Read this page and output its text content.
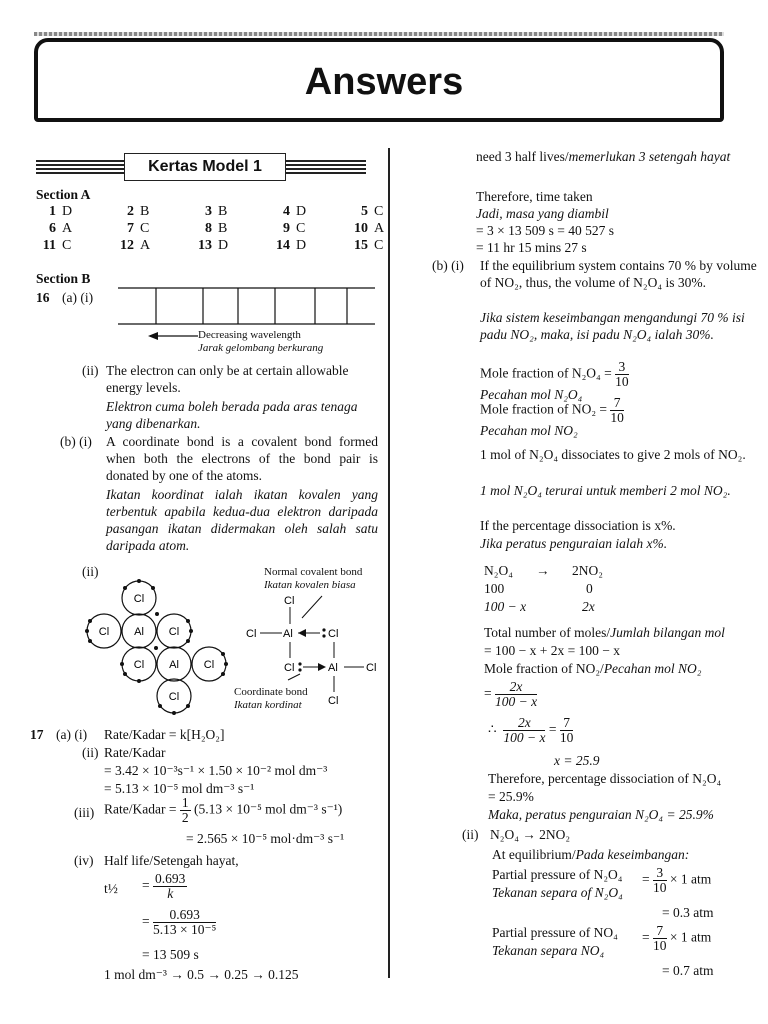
Answers
Kertas Model 1
Section A
1	D	2	B	3	B	4	D	5	C
6	A	7	C	8	B	9	C	10	A
11	C	12	A	13	D	14	D	15	C
Section B
16 (a) (i)
Decreasing wavelength
Jarak gelombang berkurang
(ii) The electron can only be at certain allowable energy levels.
Elektron cuma boleh berada pada aras tenaga yang dibenarkan.
(b) (i) A coordinate bond is a covalent bond formed when both the electrons of the bond pair is donated by one of the atoms.
Ikatan koordinat ialah ikatan kovalen yang terbentuk apabila kedua-dua elektron daripada pasangan ikatan didermakan oleh salah satu daripada atom.
(ii)
Cl
Cl Al Cl
Cl Al Cl
Cl
Normal covalent bond
Ikatan kovalen biasa
Cl
Cl Al	Cl
Cl	Al	Cl
Cl
Coordinate bond
Ikatan kordinat
17 (a) (i) Rate/Kadar = k[H₂O₂]
(ii) Rate/Kadar
= 3.42 × 10⁻³s⁻¹ × 1.50 × 10⁻² mol dm⁻³
= 5.13 × 10⁻⁵ mol dm⁻³ s⁻¹
(iii) Rate/Kadar = $\frac{1}{2} (5.13 \times 10^{-5}$ mol dm⁻³ s⁻¹)
= 2.565 × 10⁻⁵ mol·dm⁻³ s⁻¹
(iv) Half life/Setengah hayat,
t½ = $\frac{0.693}{k}$
= $\frac{0.693}{\text{5.13 × 10⁻⁵}}$
= 13 509 s
1 mol dm⁻³ → 0.5 → 0.25 → 0.125
need 3 half lives/memerlukan 3 setengah hayat
Therefore, time taken
Jadi, masa yang diambil
= 3 × 13 509 s = 40 527 s
= 11 hr 15 mins 27 s
(b) (i) If the equilibrium system contains 70 % by volume of NO₂, thus, the volume of N₂O₄ is 30%.
Jika sistem keseimbangan mengandungi 70 % isi padu NO₂, maka, isi padu N₂O₄ ialah 30%.
Mole fraction of $N_2O_4 = \frac{3}{10}$
Pecahan mol N₂O₄
Mole fraction of $NO_2 = \frac{7}{10}$
Pecahan mol NO₂
1 mol of N₂O₄ dissociates to give 2 mols of NO₂.
1 mol N₂O₄ terurai untuk memberi 2 mol NO₂.
If the percentage dissociation is x%.
Jika peratus penguraian ialah x%.
N₂O₄ → 2NO₂
100	0
100 − x	2x
Total number of moles/Jumlah bilangan mol
= 100 − x + 2x = 100 − x
Mole fraction of NO₂/Pecahan mol NO₂
= $\frac{2x}{100 - x}$
∴ $\frac{2x}{100 - x} = \frac{7}{10}$
x = 25.9
Therefore, percentage dissociation of N₂O₄
= 25.9%
Maka, peratus penguraian N₂O₄ = 25.9%
(ii) N₂O₄ → 2NO₂
At equilibrium/Pada keseimbangan:
Partial pressure of N₂O₄
Tekanan separa of N₂O₄
= $\frac{3}{10} \times 1$ atm
= 0.3 atm
Partial pressure of NO₄
Tekanan separa NO₄
= $\frac{7}{10} \times 1$ atm
= 0.7 atm
